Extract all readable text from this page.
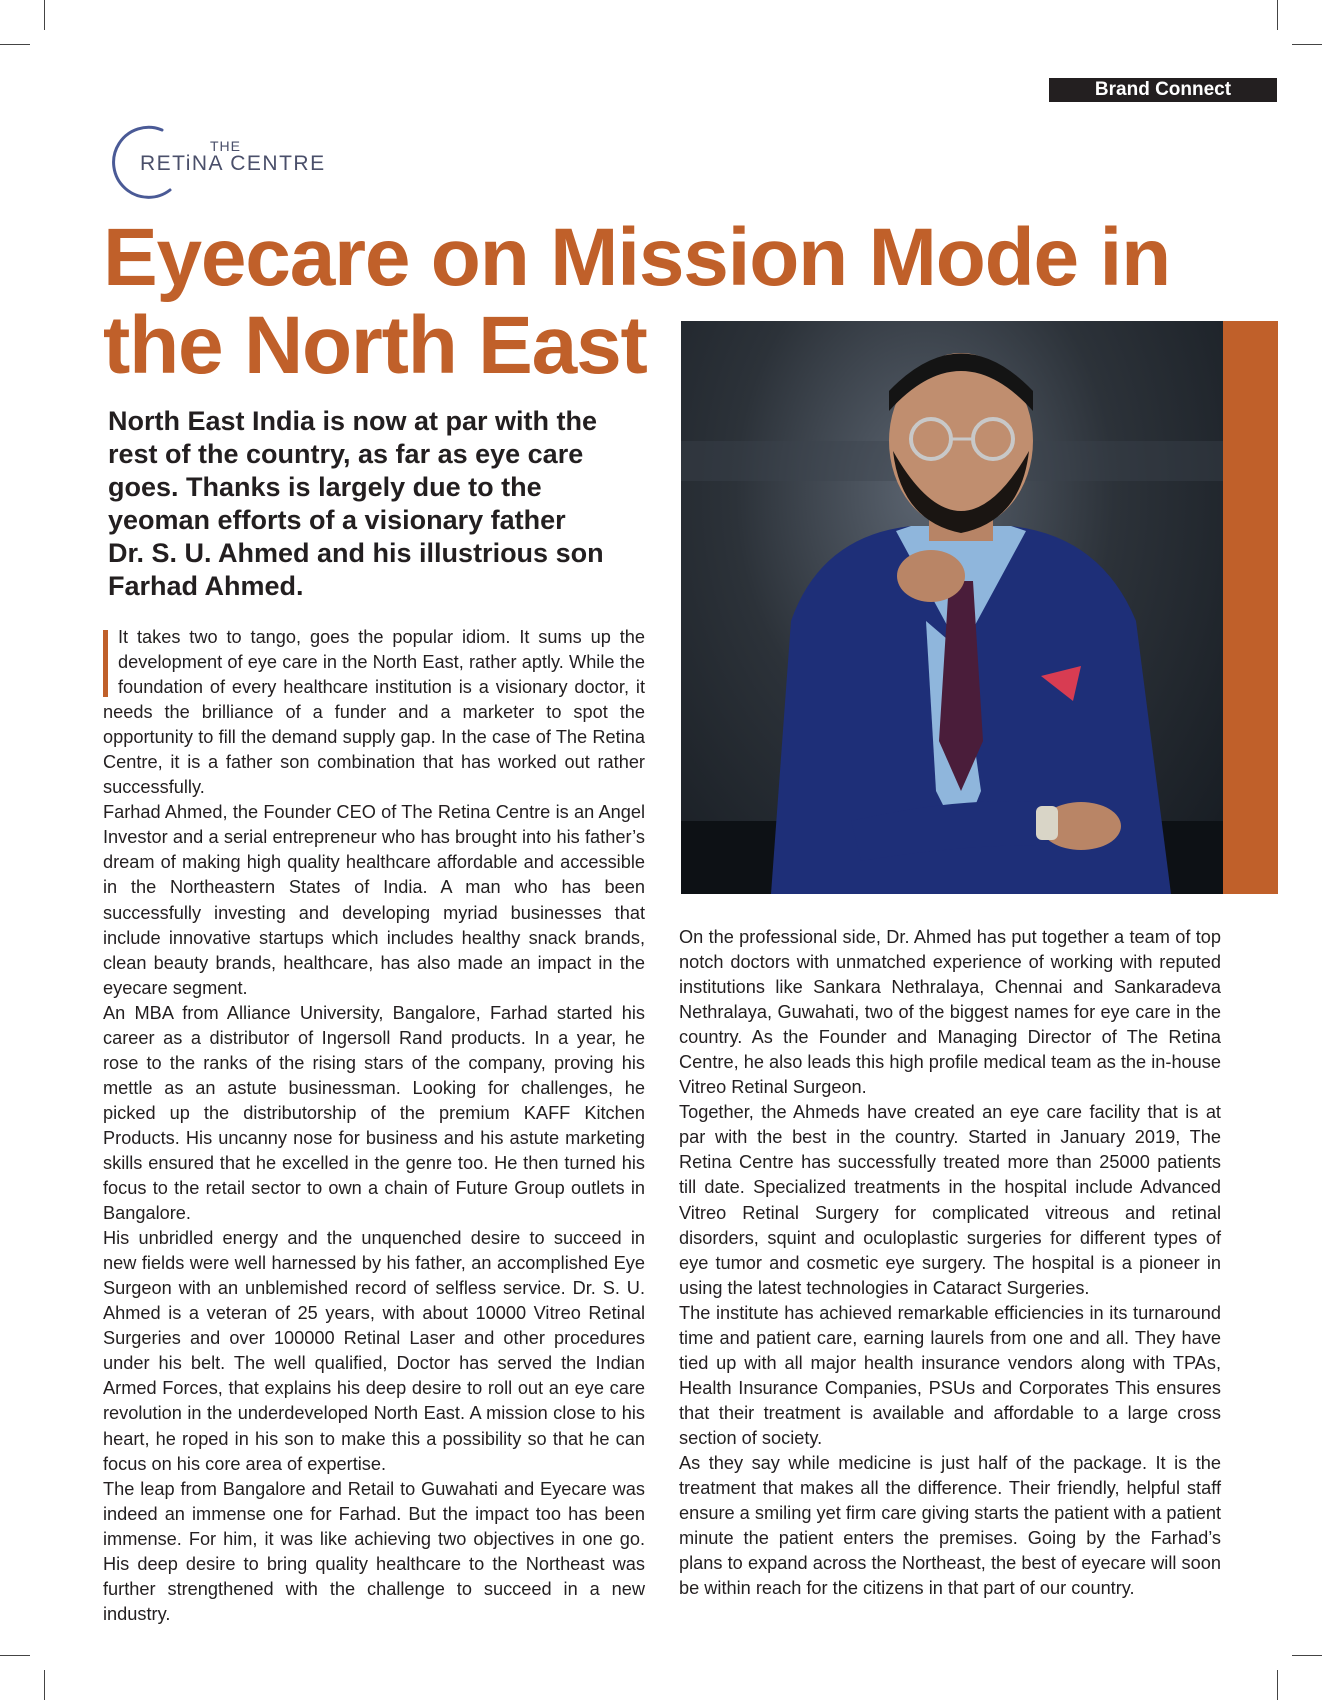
Brand Connect
THE
RETiNA CENTRE
Eyecare on Mission Mode in
the North East
North East India is now at par with the
rest of the country, as far as eye care
goes. Thanks is largely due to the
yeoman efforts of a visionary father
Dr. S. U. Ahmed and his illustrious son
Farhad Ahmed.

It takes two to tango, goes the popular idiom. It sums up the development of eye care in the North East, rather aptly. While the foundation of every healthcare institution is a visionary doctor, it needs the brilliance of a funder and a marketer to spot the opportunity to fill the demand supply gap. In the case of The Retina Centre, it is a father son combination that has worked out rather successfully.

Farhad Ahmed, the Founder CEO of The Retina Centre is an Angel Investor and a serial entrepreneur who has brought into his father’s dream of making high quality healthcare affordable and accessible in the Northeastern States of India. A man who has been successfully investing and developing myriad businesses that include innovative startups which includes healthy snack brands, clean beauty brands, healthcare, has also made an impact in the eyecare segment.

An MBA from Alliance University, Bangalore, Farhad started his career as a distributor of Ingersoll Rand products. In a year, he rose to the ranks of the rising stars of the company, proving his mettle as an astute businessman. Looking for challenges, he picked up the distributorship of the premium KAFF Kitchen Products. His uncanny nose for business and his astute marketing skills ensured that he excelled in the genre too. He then turned his focus to the retail sector to own a chain of Future Group outlets in Bangalore.

His unbridled energy and the unquenched desire to succeed in new fields were well harnessed by his father, an accomplished Eye Surgeon with an unblemished record of selfless service. Dr. S. U. Ahmed is a veteran of 25 years, with about 10000 Vitreo Retinal Surgeries and over 100000 Retinal Laser and other procedures under his belt. The well qualified, Doctor has served the Indian Armed Forces, that explains his deep desire to roll out an eye care revolution in the underdeveloped North East. A mission close to his heart, he roped in his son to make this a possibility so that he can focus on his core area of expertise.

The leap from Bangalore and Retail to Guwahati and Eyecare was indeed an immense one for Farhad. But the impact too has been immense. For him, it was like achieving two objectives in one go. His deep desire to bring quality healthcare to the Northeast was further strengthened with the challenge to succeed in a new industry.

On the professional side, Dr. Ahmed has put together a team of top notch doctors with unmatched experience of working with reputed institutions like Sankara Nethralaya, Chennai and Sankaradeva Nethralaya, Guwahati, two of the biggest names for eye care in the country. As the Founder and Managing Director of The Retina Centre, he also leads this high profile medical team as the in-house Vitreo Retinal Surgeon.

Together, the Ahmeds have created an eye care facility that is at par with the best in the country. Started in January 2019, The Retina Centre has successfully treated more than 25000 patients till date. Specialized treatments in the hospital include Advanced Vitreo Retinal Surgery for complicated vitreous and retinal disorders, squint and oculoplastic surgeries for different types of eye tumor and cosmetic eye surgery. The hospital is a pioneer in using the latest technologies in Cataract Surgeries.

The institute has achieved remarkable efficiencies in its turnaround time and patient care, earning laurels from one and all. They have tied up with all major health insurance vendors along with TPAs, Health Insurance Companies, PSUs and Corporates This ensures that their treatment is available and affordable to a large cross section of society.

As they say while medicine is just half of the package. It is the treatment that makes all the difference. Their friendly, helpful staff ensure a smiling yet firm care giving starts the patient with a patient minute the patient enters the premises. Going by the Farhad’s plans to expand across the Northeast, the best of eyecare will soon be within reach for the citizens in that part of our country.
